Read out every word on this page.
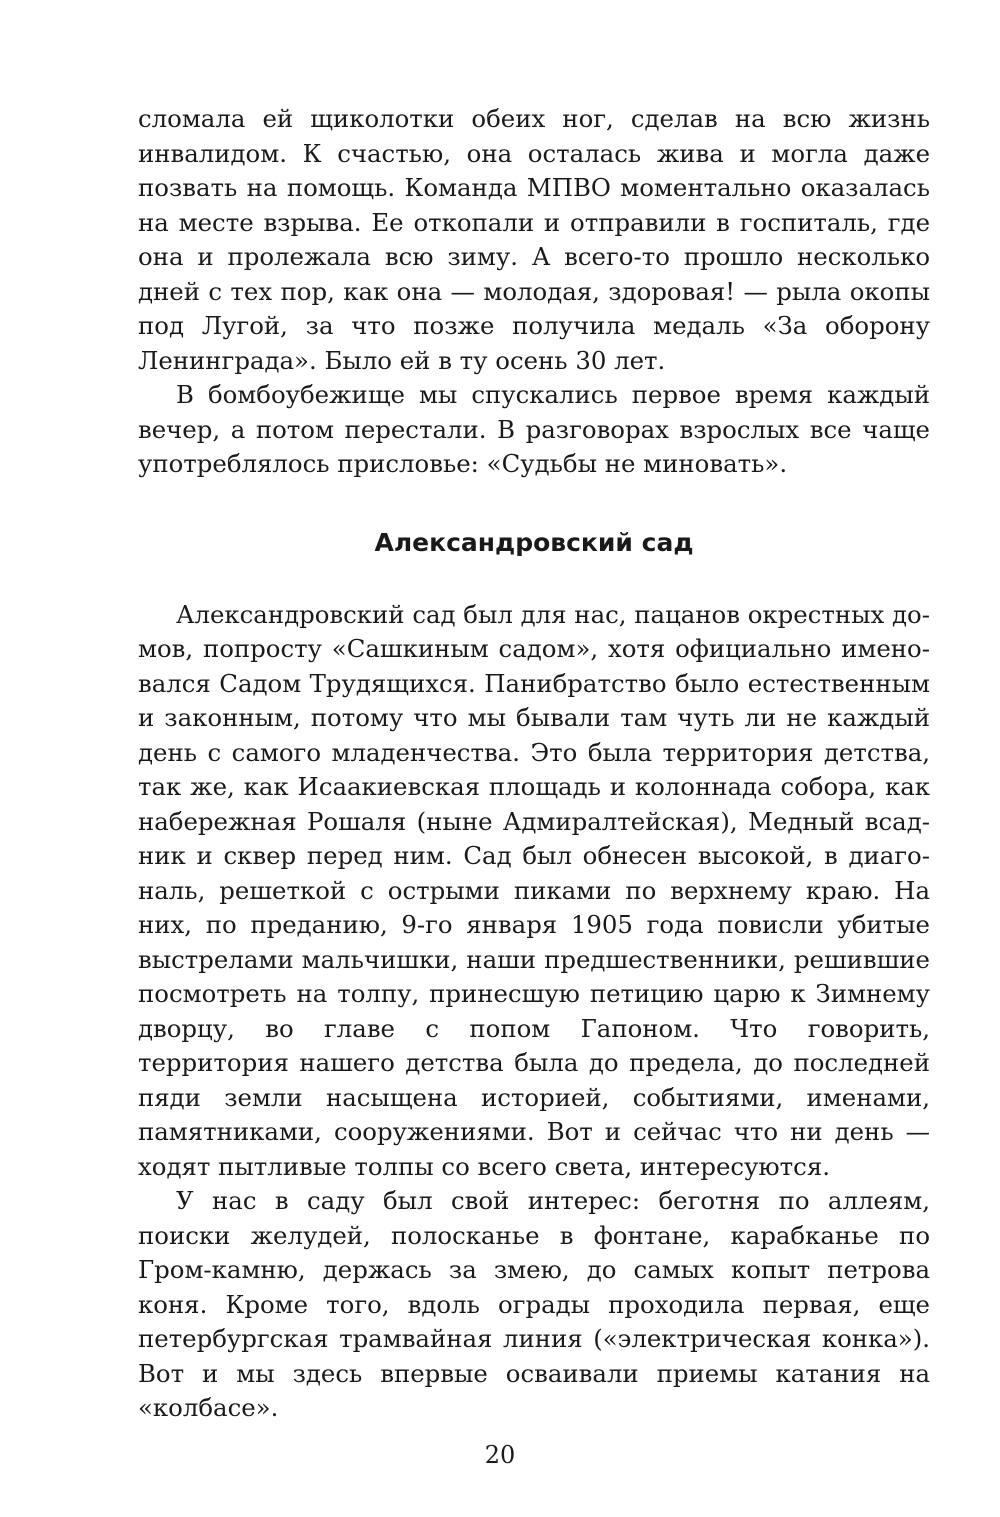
сломала ей щиколотки обеих ног, сделав на всю жизнь инвалидом. К счастью, она осталась жива и могла даже позвать на помощь. Команда МПВО моментально оказалась на месте взрыва. Ее откопали и отправили в госпиталь, где она и пролежала всю зиму. А всего-то прошло несколько дней с тех пор, как она — молодая, здоровая! — рыла окопы под Лугой, за что позже получила медаль «За оборону Ленинграда». Было ей в ту осень 30 лет.

В бомбоубежище мы спускались первое время каждый вечер, а потом перестали. В разговорах взрослых все чаще употреблялось присловье: «Судьбы не миновать».

Александровский сад

Александровский сад был для нас, пацанов окрестных домов, попросту «Сашкиным садом», хотя официально именовался Садом Трудящихся. Панибратство было естественным и законным, потому что мы бывали там чуть ли не каждый день с самого младенчества. Это была территория детства, так же, как Исаакиевская площадь и колоннада собора, как набережная Рошаля (ныне Адмиралтейская), Медный всадник и сквер перед ним. Сад был обнесен высокой, в диагональ, решеткой с острыми пиками по верхнему краю. На них, по преданию, 9-го января 1905 года повисли убитые выстрелами мальчишки, наши предшественники, решившие посмотреть на толпу, принесшую петицию царю к Зимнему дворцу, во главе с попом Гапоном. Что говорить, территория нашего детства была до предела, до последней пяди земли насыщена историей, событиями, именами, памятниками, сооружениями. Вот и сейчас что ни день — ходят пытливые толпы со всего света, интересуются.

У нас в саду был свой интерес: беготня по аллеям, поиски желудей, полосканье в фонтане, карабканье по Гром-камню, держась за змею, до самых копыт петрова коня. Кроме того, вдоль ограды проходила первая, еще петербургская трамвайная линия («электрическая конка»). Вот и мы здесь впервые осваивали приемы катания на «колбасе».

20
